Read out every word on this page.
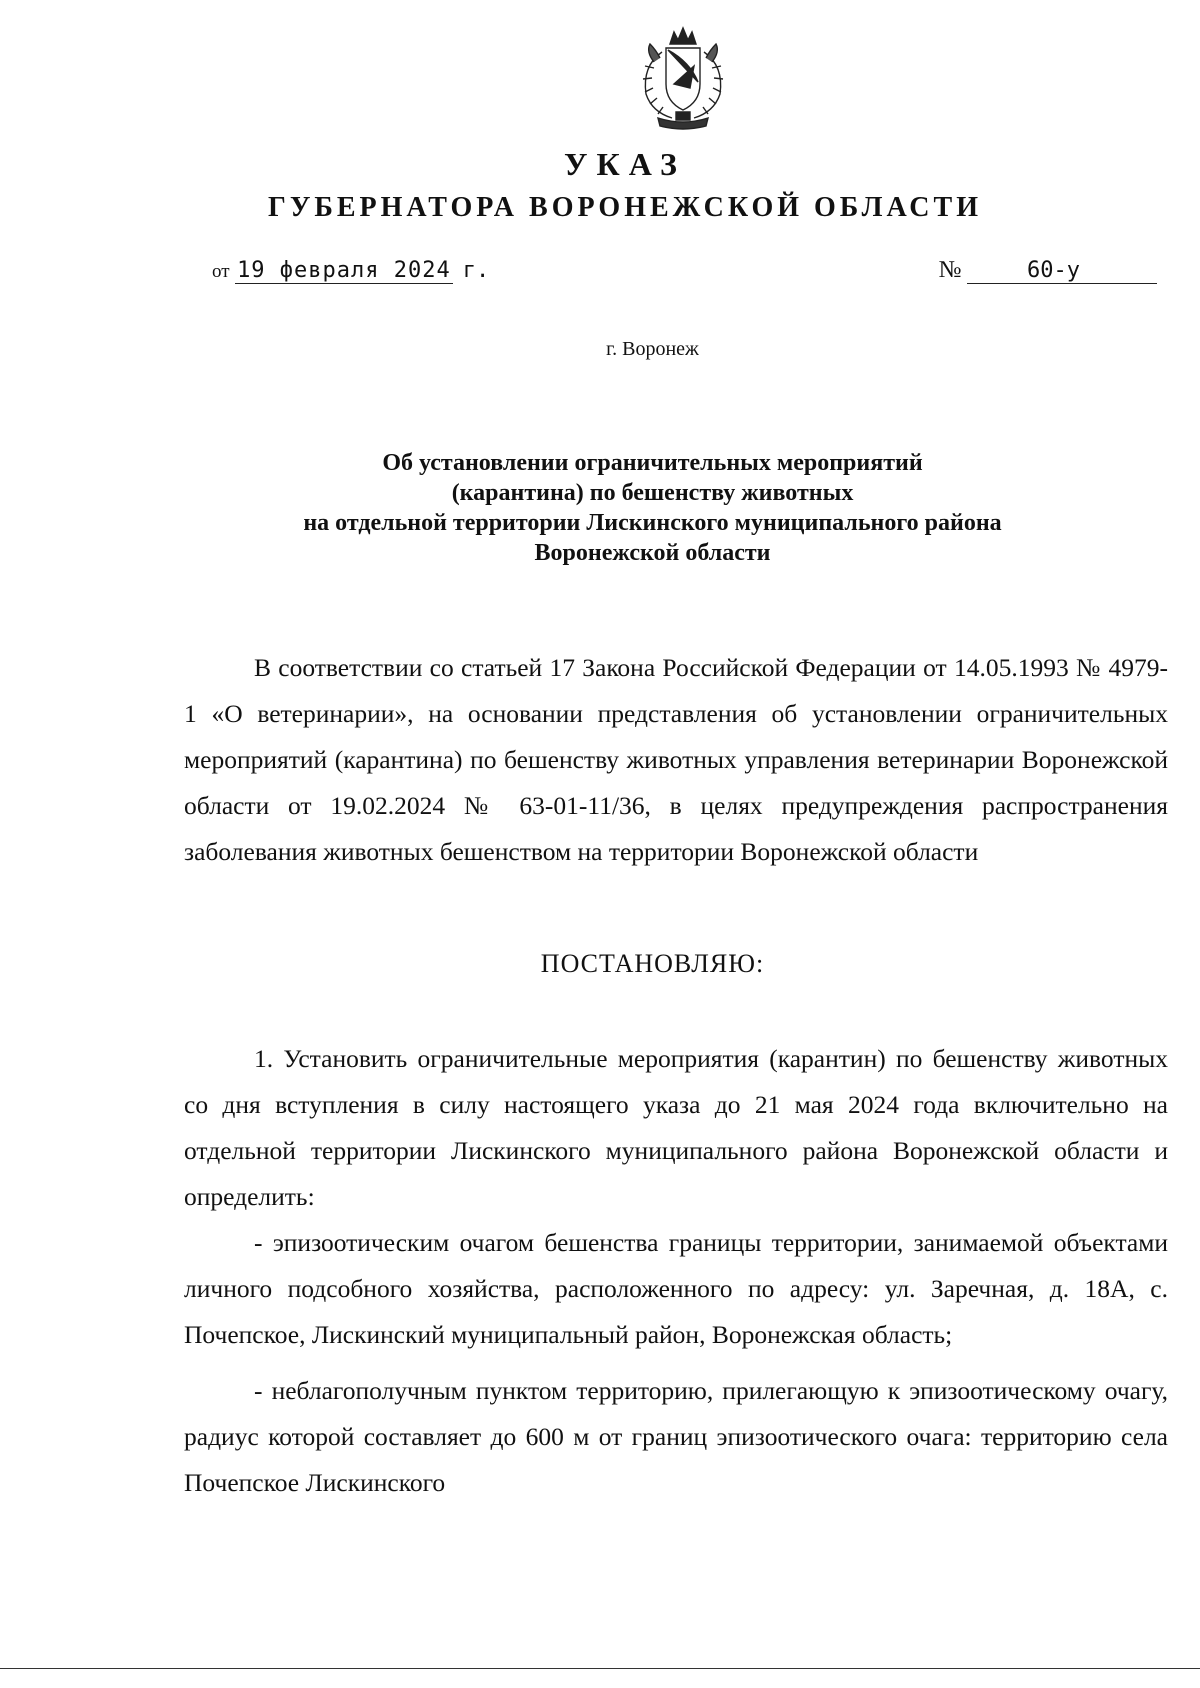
УКАЗ
ГУБЕРНАТОРА ВОРОНЕЖСКОЙ ОБЛАСТИ
от 19 февраля 2024 г.	№	60-у
г. Воронеж
Об установлении ограничительных мероприятий
(карантина) по бешенству животных
на отдельной территории Лискинского муниципального района
Воронежской области

В соответствии со статьей 17 Закона Российской Федерации от 14.05.1993 № 4979-1 «О ветеринарии», на основании представления об установлении ограничительных мероприятий (карантина) по бешенству животных управления ветеринарии Воронежской области от 19.02.2024 № 63-01-11/36, в целях предупреждения распространения заболевания животных бешенством на территории Воронежской области

ПОСТАНОВЛЯЮ:

1. Установить ограничительные мероприятия (карантин) по бешенству животных со дня вступления в силу настоящего указа до 21 мая 2024 года включительно на отдельной территории Лискинского муниципального района Воронежской области и определить:

- эпизоотическим очагом бешенства границы территории, занимаемой объектами личного подсобного хозяйства, расположенного по адресу: ул. Заречная, д. 18А, с. Почепское, Лискинский муниципальный район, Воронежская область;

- неблагополучным пунктом территорию, прилегающую к эпизоотическому очагу, радиус которой составляет до 600 м от границ эпизоотического очага: территорию села Почепское Лискинского
